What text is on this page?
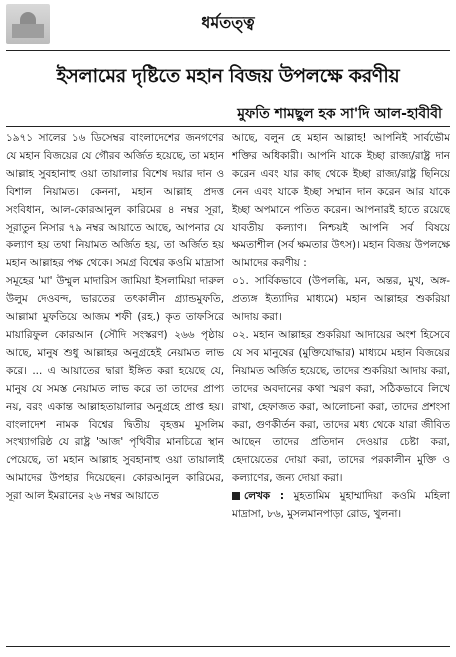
ধর্মতত্ত্ব
ইসলামের দৃষ্টিতে মহান বিজয় উপলক্ষে করণীয়
মুফতি শামছুল হক সা'দি আল-হাবীবী

১৯৭১ সালের ১৬ ডিসেম্বর বাংলাদেশের জনগণের যে মহান বিজয়ের যে গৌরব অর্জিত হয়েছে, তা মহান আল্লাহ সুবহানাহু ওয়া তায়ালার বিশেষ দয়ার দান ও বিশাল নিয়ামত। কেননা, মহান আল্লাহ প্রদত্ত সংবিধান, আল-কোরআনুল কারিমের ৪ নম্বর সূরা, সূরাতুন নিসার ৭৯ নম্বর আয়াতে আছে, আপনার যে কল্যাণ হয় তথা নিয়ামত অর্জিত হয়, তা অর্জিত হয় মহান আল্লাহর পক্ষ থেকে। সমগ্র বিশ্বের কওমি মাদ্রাসা সমূহের 'মা' উম্মুল মাদারিস জামিয়া ইসলামিয়া দারুল উলুম দেওবন্দ, ভারতের তৎকালীন গ্র্যান্ডমুফতি, আল্লামা মুফতিয়ে আজম শফী (রহ.) কৃত তাফসিরে মায়ারিফুল কোরআন (সৌদি সংস্করণ) ২৬৬ পৃষ্ঠায় আছে, মানুষ শুধু আল্লাহর অনুগ্রহেই নেয়ামত লাভ করে। ... এ আয়াতের দ্বারা ইঙ্গিত করা হয়েছে যে, মানুষ যে সমস্ত নেয়ামত লাভ করে তা তাদের প্রাপ্য নয়, বরং একান্ত আল্লাহতায়ালার অনুগ্রহে প্রাপ্ত হয়। বাংলাদেশ নামক বিশ্বের দ্বিতীয় বৃহত্তম মুসলিম সংখ্যাগরিষ্ঠ যে রাষ্ট্র 'আজ' পৃথিবীর মানচিত্রে স্থান পেয়েছে, তা মহান আল্লাহ সুবহানাহু ওয়া তায়ালাই আমাদের উপহার দিয়েছেন। কোরআনুল কারিমের, সূরা আল ইমরানের ২৬ নম্বর আয়াতে

আছে, বলুন হে মহান আল্লাহ! আপনিই সার্বভৌম শক্তির অধিকারী। আপনি যাকে ইচ্ছা রাজ্য/রাষ্ট্র দান করেন এবং যার কাছ থেকে ইচ্ছা রাজ্য/রাষ্ট্র ছিনিয়ে নেন এবং যাকে ইচ্ছা সম্মান দান করেন আর যাকে ইচ্ছা অপমানে পতিত করেন। আপনারই হাতে রয়েছে যাবতীয় কল্যাণ। নিশ্চয়ই আপনি সর্ব বিষয়ে ক্ষমতাশীল (সর্ব ক্ষমতার উৎস)। মহান বিজয় উপলক্ষে আমাদের করণীয় :

০১. সার্বিকভাবে (উপলব্ধি, মন, অন্তর, মুখ, অঙ্গ-প্রত্যঙ্গ ইত্যাদির মাধ্যমে) মহান আল্লাহর শুকরিয়া আদায় করা।

০২. মহান আল্লাহর শুকরিয়া আদায়ের অংশ হিসেবে যে সব মানুষের (মুক্তিযোদ্ধার) মাধ্যমে মহান বিজয়ের নিয়ামত অর্জিত হয়েছে, তাদের শুকরিয়া আদায় করা, তাদের অবদানের কথা স্মরণ করা, সঠিকভাবে লিখে রাখা, হেফাজত করা, আলোচনা করা, তাদের প্রশংসা করা, গুণকীর্তন করা, তাদের মধ্য থেকে যারা জীবিত আছেন তাদের প্রতিদান দেওয়ার চেষ্টা করা, হেদায়েতের দোয়া করা, তাদের পরকালীন মুক্তি ও কল্যাণের, জন্য দোয়া করা।

লেখক : মুহতামিম মুহাম্মাদিয়া কওমি মহিলা মাদ্রাসা, ৮৬, মুসলমানপাড়া রোড, খুলনা।
